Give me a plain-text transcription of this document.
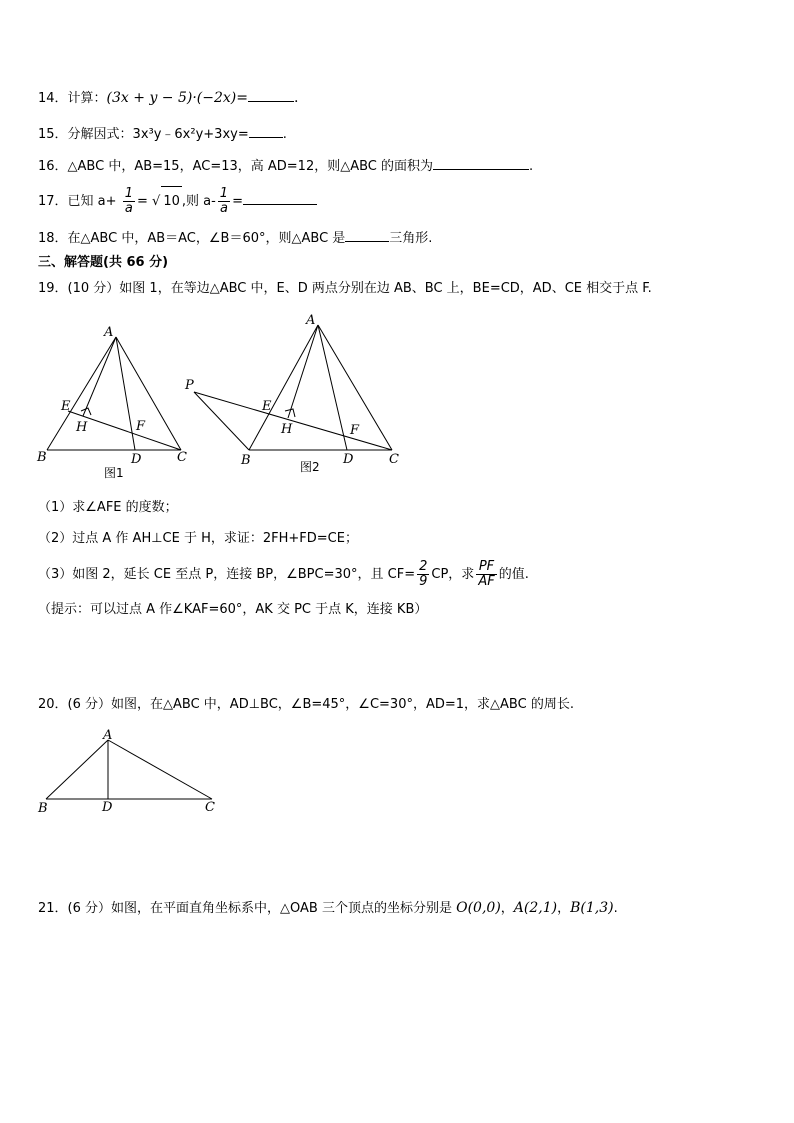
14．计算：(3x + y − 5)·(−2x)=	.
15．分解因式：3x³y﹣6x²y+3xy=	.
16．△ABC 中，AB=15，AC=13，高 AD=12，则△ABC 的面积为	.
17．已知 $a+ \frac{1}{a}$ = √ 10 ,则 $a- \frac{1}{a}$ =
18．在△ABC 中，AB＝AC，∠B＝60°，则△ABC 是	三角形.
三、解答题(共 66 分)
19．(10 分）如图 1，在等边△ABC 中，E、D 两点分别在边 AB、BC 上，BE=CD，AD、CE 相交于点 F.
A
B	C
D
E
F
H
图1
A
B	C
D
E
F
H
P
图2
（1）求∠AFE 的度数；
（2）过点 A 作 AH⊥CE 于 H，求证：2FH+FD=CE；
（3）如图 2，延长 CE 至点 P，连接 BP，∠BPC=30°，且 $CF= \frac{2}{9}$ CP，求 $\frac{PF}{AF}$ 的值.
（提示：可以过点 A 作∠KAF=60°，AK 交 PC 于点 K，连接 KB）
20．(6 分）如图，在△ABC 中，AD⊥BC，∠B=45°，∠C=30°，AD=1，求△ABC 的周长.
A
B	C
D
21．(6 分）如图，在平面直角坐标系中，△OAB 三个顶点的坐标分别是 O(0,0)，A(2,1)，B(1,3).
